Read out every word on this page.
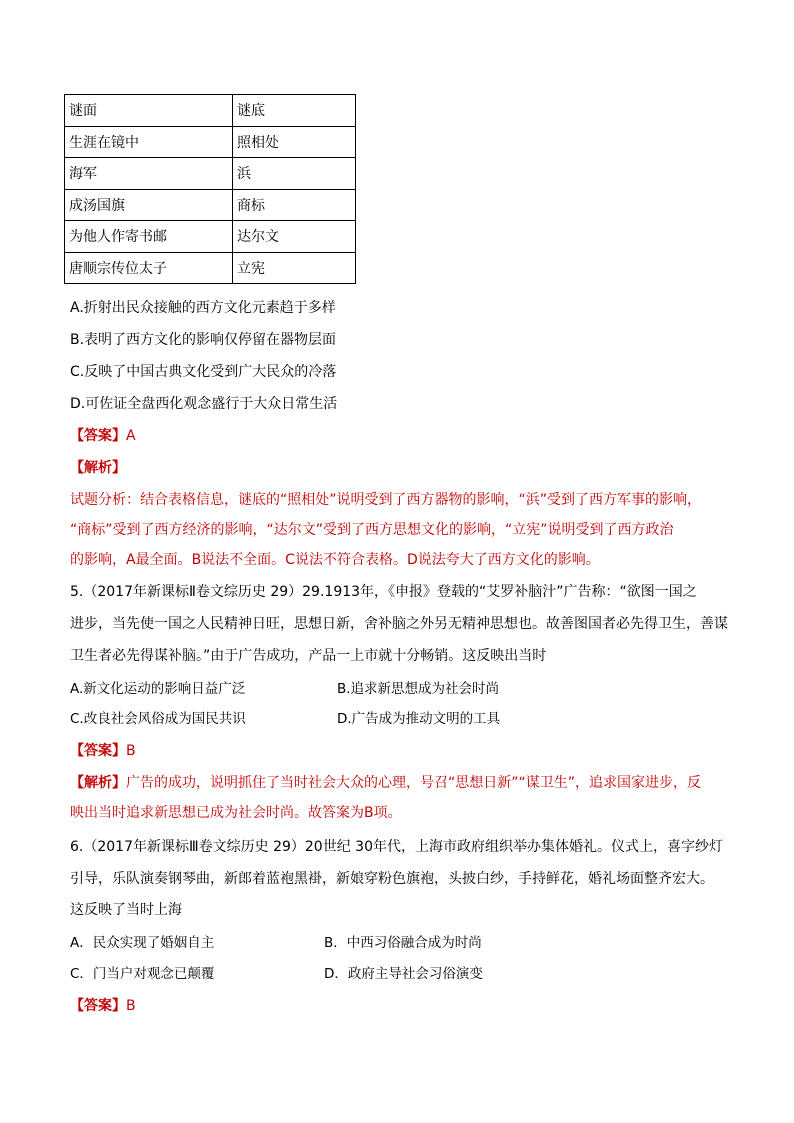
谜面	谜底
生涯在镜中	照相处
海军	浜
成汤国旗	商标
为他人作寄书邮	达尔文
唐顺宗传位太子	立宪
A.折射出民众接触的西方文化元素趋于多样
B.表明了西方文化的影响仅停留在器物层面
C.反映了中国古典文化受到广大民众的冷落
D.可佐证全盘西化观念盛行于大众日常生活
【答案】A
【解析】
试题分析：结合表格信息，谜底的“照相处”说明受到了西方器物的影响，“浜”受到了西方军事的影响，
“商标”受到了西方经济的影响，“达尔文”受到了西方思想文化的影响，“立宪”说明受到了西方政治
的影响，A最全面。B说法不全面。C说法不符合表格。D说法夸大了西方文化的影响。
5.（2017年新课标Ⅱ卷文综历史 29）29.1913年，《申报》登载的“艾罗补脑汁”广告称：“欲图一国之
进步，当先使一国之人民精神日旺，思想日新，舍补脑之外另无精神思想也。故善图国者必先得卫生，善谋
卫生者必先得谋补脑。”由于广告成功，产品一上市就十分畅销。这反映出当时
A.新文化运动的影响日益广泛	B.追求新思想成为社会时尚
C.改良社会风俗成为国民共识	D.广告成为推动文明的工具
【答案】B
【解析】广告的成功，说明抓住了当时社会大众的心理，号召“思想日新”“谋卫生”，追求国家进步，反
映出当时追求新思想已成为社会时尚。故答案为B项。
6.（2017年新课标Ⅲ卷文综历史 29）20世纪 30年代，上海市政府组织举办集体婚礼。仪式上，喜字纱灯
引导，乐队演奏钢琴曲，新郎着蓝袍黑褂，新娘穿粉色旗袍，头披白纱，手持鲜花，婚礼场面整齐宏大。
这反映了当时上海
A．民众实现了婚姻自主	B．中西习俗融合成为时尚
C．门当户对观念已颠覆	D．政府主导社会习俗演变
【答案】B
